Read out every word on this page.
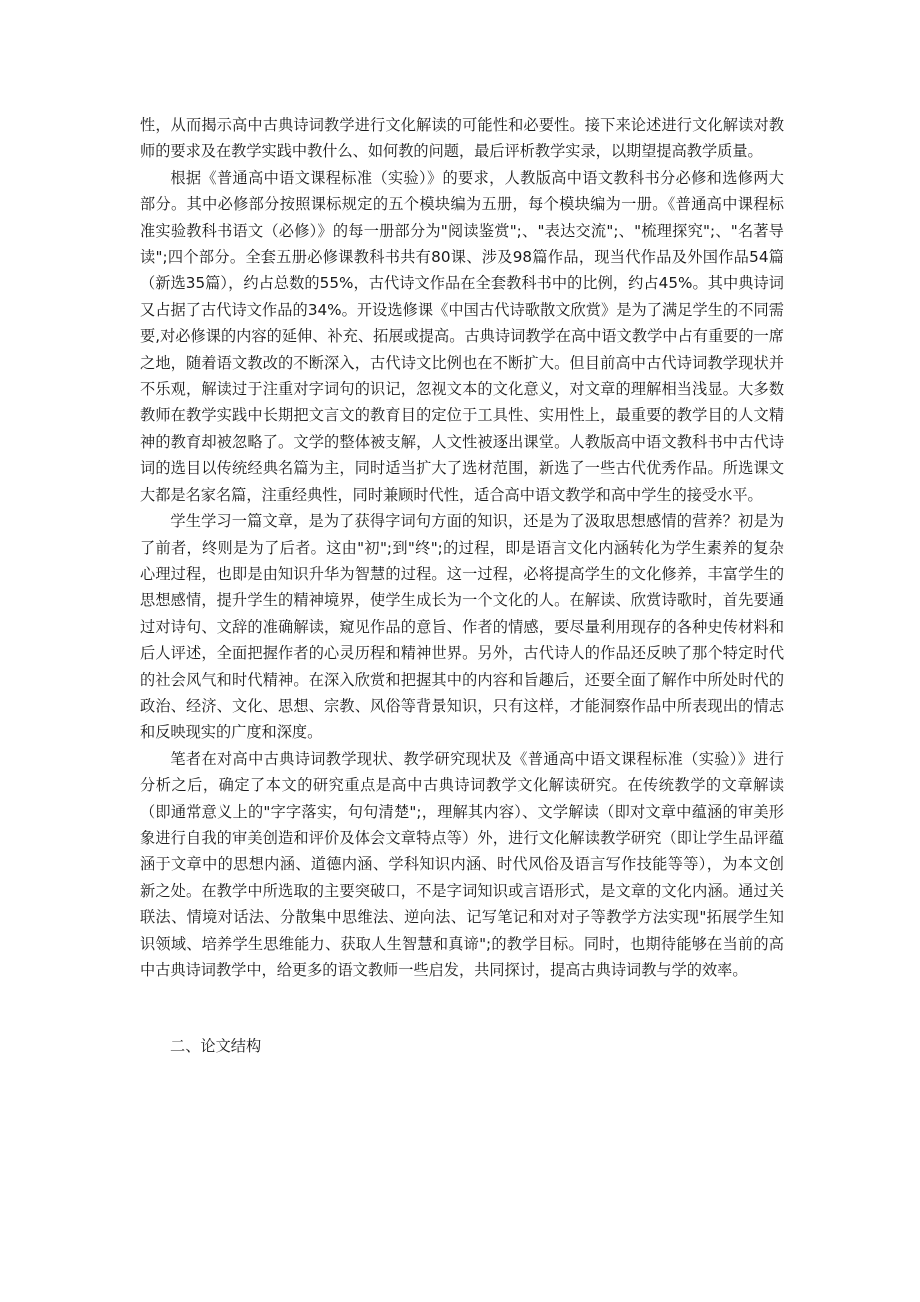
性，从而揭示高中古典诗词教学进行文化解读的可能性和必要性。接下来论述进行文化解读对教师的要求及在教学实践中教什么、如何教的问题，最后评析教学实录，以期望提高教学质量。

根据《普通高中语文课程标准（实验）》的要求，人教版高中语文教科书分必修和选修两大部分。其中必修部分按照课标规定的五个模块编为五册，每个模块编为一册。《普通高中课程标准实验教科书语文（必修）》的每一册部分为"阅读鉴赏";、"表达交流";、"梳理探究";、"名著导读";四个部分。全套五册必修课教科书共有80课、涉及98篇作品，现当代作品及外国作品54篇（新选35篇），约占总数的55%，古代诗文作品在全套教科书中的比例，约占45%。其中典诗词又占据了古代诗文作品的34%。开设选修课《中国古代诗歌散文欣赏》是为了满足学生的不同需要,对必修课的内容的延伸、补充、拓展或提高。古典诗词教学在高中语文教学中占有重要的一席之地，随着语文教改的不断深入，古代诗文比例也在不断扩大。但目前高中古代诗词教学现状并不乐观，解读过于注重对字词句的识记，忽视文本的文化意义，对文章的理解相当浅显。大多数教师在教学实践中长期把文言文的教育目的定位于工具性、实用性上，最重要的教学目的人文精神的教育却被忽略了。文学的整体被支解，人文性被逐出课堂。人教版高中语文教科书中古代诗词的选目以传统经典名篇为主，同时适当扩大了选材范围，新选了一些古代优秀作品。所选课文大都是名家名篇，注重经典性，同时兼顾时代性，适合高中语文教学和高中学生的接受水平。

学生学习一篇文章，是为了获得字词句方面的知识，还是为了汲取思想感情的营养？初是为了前者，终则是为了后者。这由"初";到"终";的过程，即是语言文化内涵转化为学生素养的复杂心理过程，也即是由知识升华为智慧的过程。这一过程，必将提高学生的文化修养，丰富学生的思想感情，提升学生的精神境界，使学生成长为一个文化的人。在解读、欣赏诗歌时，首先要通过对诗句、文辞的准确解读，窥见作品的意旨、作者的情感，要尽量利用现存的各种史传材料和后人评述，全面把握作者的心灵历程和精神世界。另外，古代诗人的作品还反映了那个特定时代的社会风气和时代精神。在深入欣赏和把握其中的内容和旨趣后，还要全面了解作中所处时代的政治、经济、文化、思想、宗教、风俗等背景知识，只有这样，才能洞察作品中所表现出的情志和反映现实的广度和深度。

笔者在对高中古典诗词教学现状、教学研究现状及《普通高中语文课程标准（实验）》进行分析之后，确定了本文的研究重点是高中古典诗词教学文化解读研究。在传统教学的文章解读（即通常意义上的"字字落实，句句清楚";，理解其内容）、文学解读（即对文章中蕴涵的审美形象进行自我的审美创造和评价及体会文章特点等）外，进行文化解读教学研究（即让学生品评蕴涵于文章中的思想内涵、道德内涵、学科知识内涵、时代风俗及语言写作技能等等），为本文创新之处。在教学中所选取的主要突破口，不是字词知识或言语形式，是文章的文化内涵。通过关联法、情境对话法、分散集中思维法、逆向法、记写笔记和对对子等教学方法实现"拓展学生知识领域、培养学生思维能力、获取人生智慧和真谛";的教学目标。同时，也期待能够在当前的高中古典诗词教学中，给更多的语文教师一些启发，共同探讨，提高古典诗词教与学的效率。

二、论文结构
